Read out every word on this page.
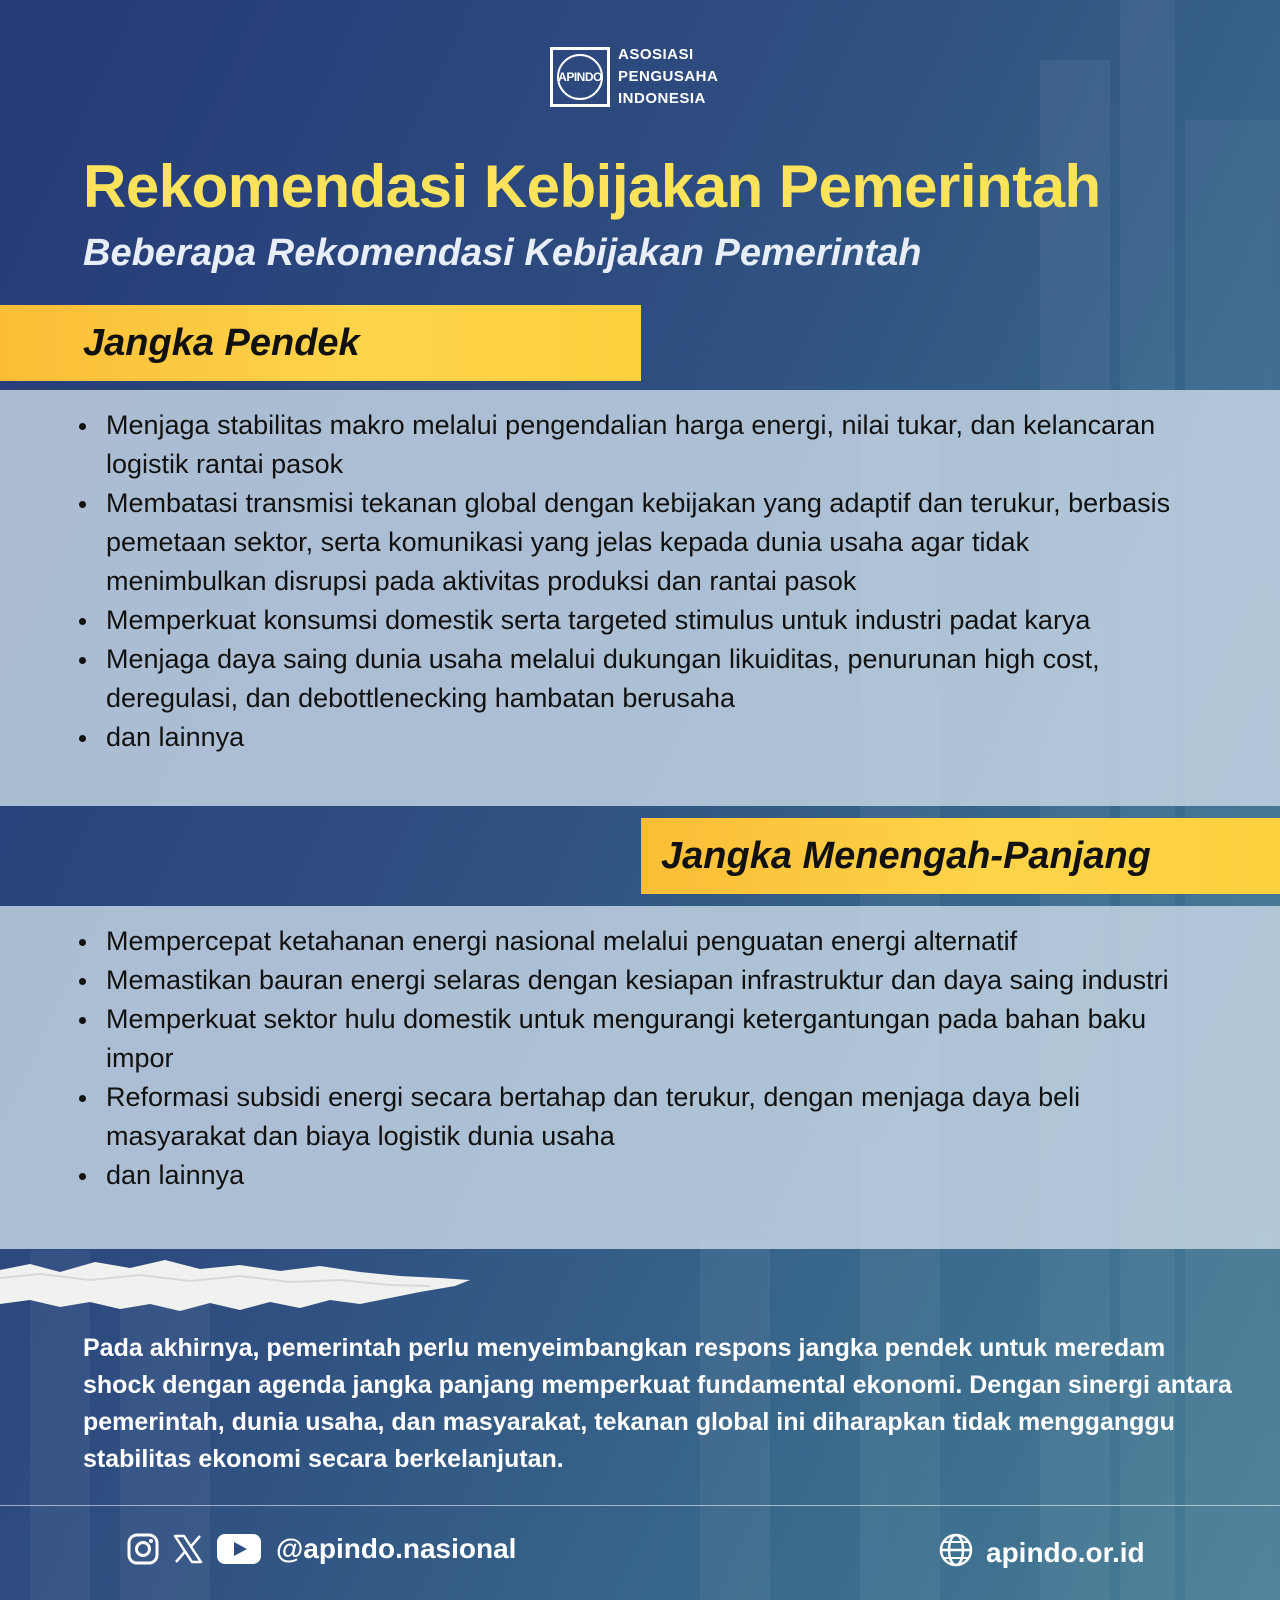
APINDO
ASOSIASI
PENGUSAHA
INDONESIA
Rekomendasi Kebijakan Pemerintah
Beberapa Rekomendasi Kebijakan Pemerintah
Jangka Pendek
Menjaga stabilitas makro melalui pengendalian harga energi, nilai tukar, dan kelancaran logistik rantai pasok
Membatasi transmisi tekanan global dengan kebijakan yang adaptif dan terukur, berbasis pemetaan sektor, serta komunikasi yang jelas kepada dunia usaha agar tidak menimbulkan disrupsi pada aktivitas produksi dan rantai pasok
Memperkuat konsumsi domestik serta targeted stimulus untuk industri padat karya
Menjaga daya saing dunia usaha melalui dukungan likuiditas, penurunan high cost, deregulasi, dan debottlenecking hambatan berusaha
dan lainnya
Jangka Menengah-Panjang
Mempercepat ketahanan energi nasional melalui penguatan energi alternatif
Memastikan bauran energi selaras dengan kesiapan infrastruktur dan daya saing industri
Memperkuat sektor hulu domestik untuk mengurangi ketergantungan pada bahan baku impor
Reformasi subsidi energi secara bertahap dan terukur, dengan menjaga daya beli masyarakat dan biaya logistik dunia usaha
dan lainnya

Pada akhirnya, pemerintah perlu menyeimbangkan respons jangka pendek untuk meredam shock dengan agenda jangka panjang memperkuat fundamental ekonomi. Dengan sinergi antara pemerintah, dunia usaha, dan masyarakat, tekanan global ini diharapkan tidak mengganggu stabilitas ekonomi secara berkelanjutan.

@apindo.nasional	apindo.or.id
